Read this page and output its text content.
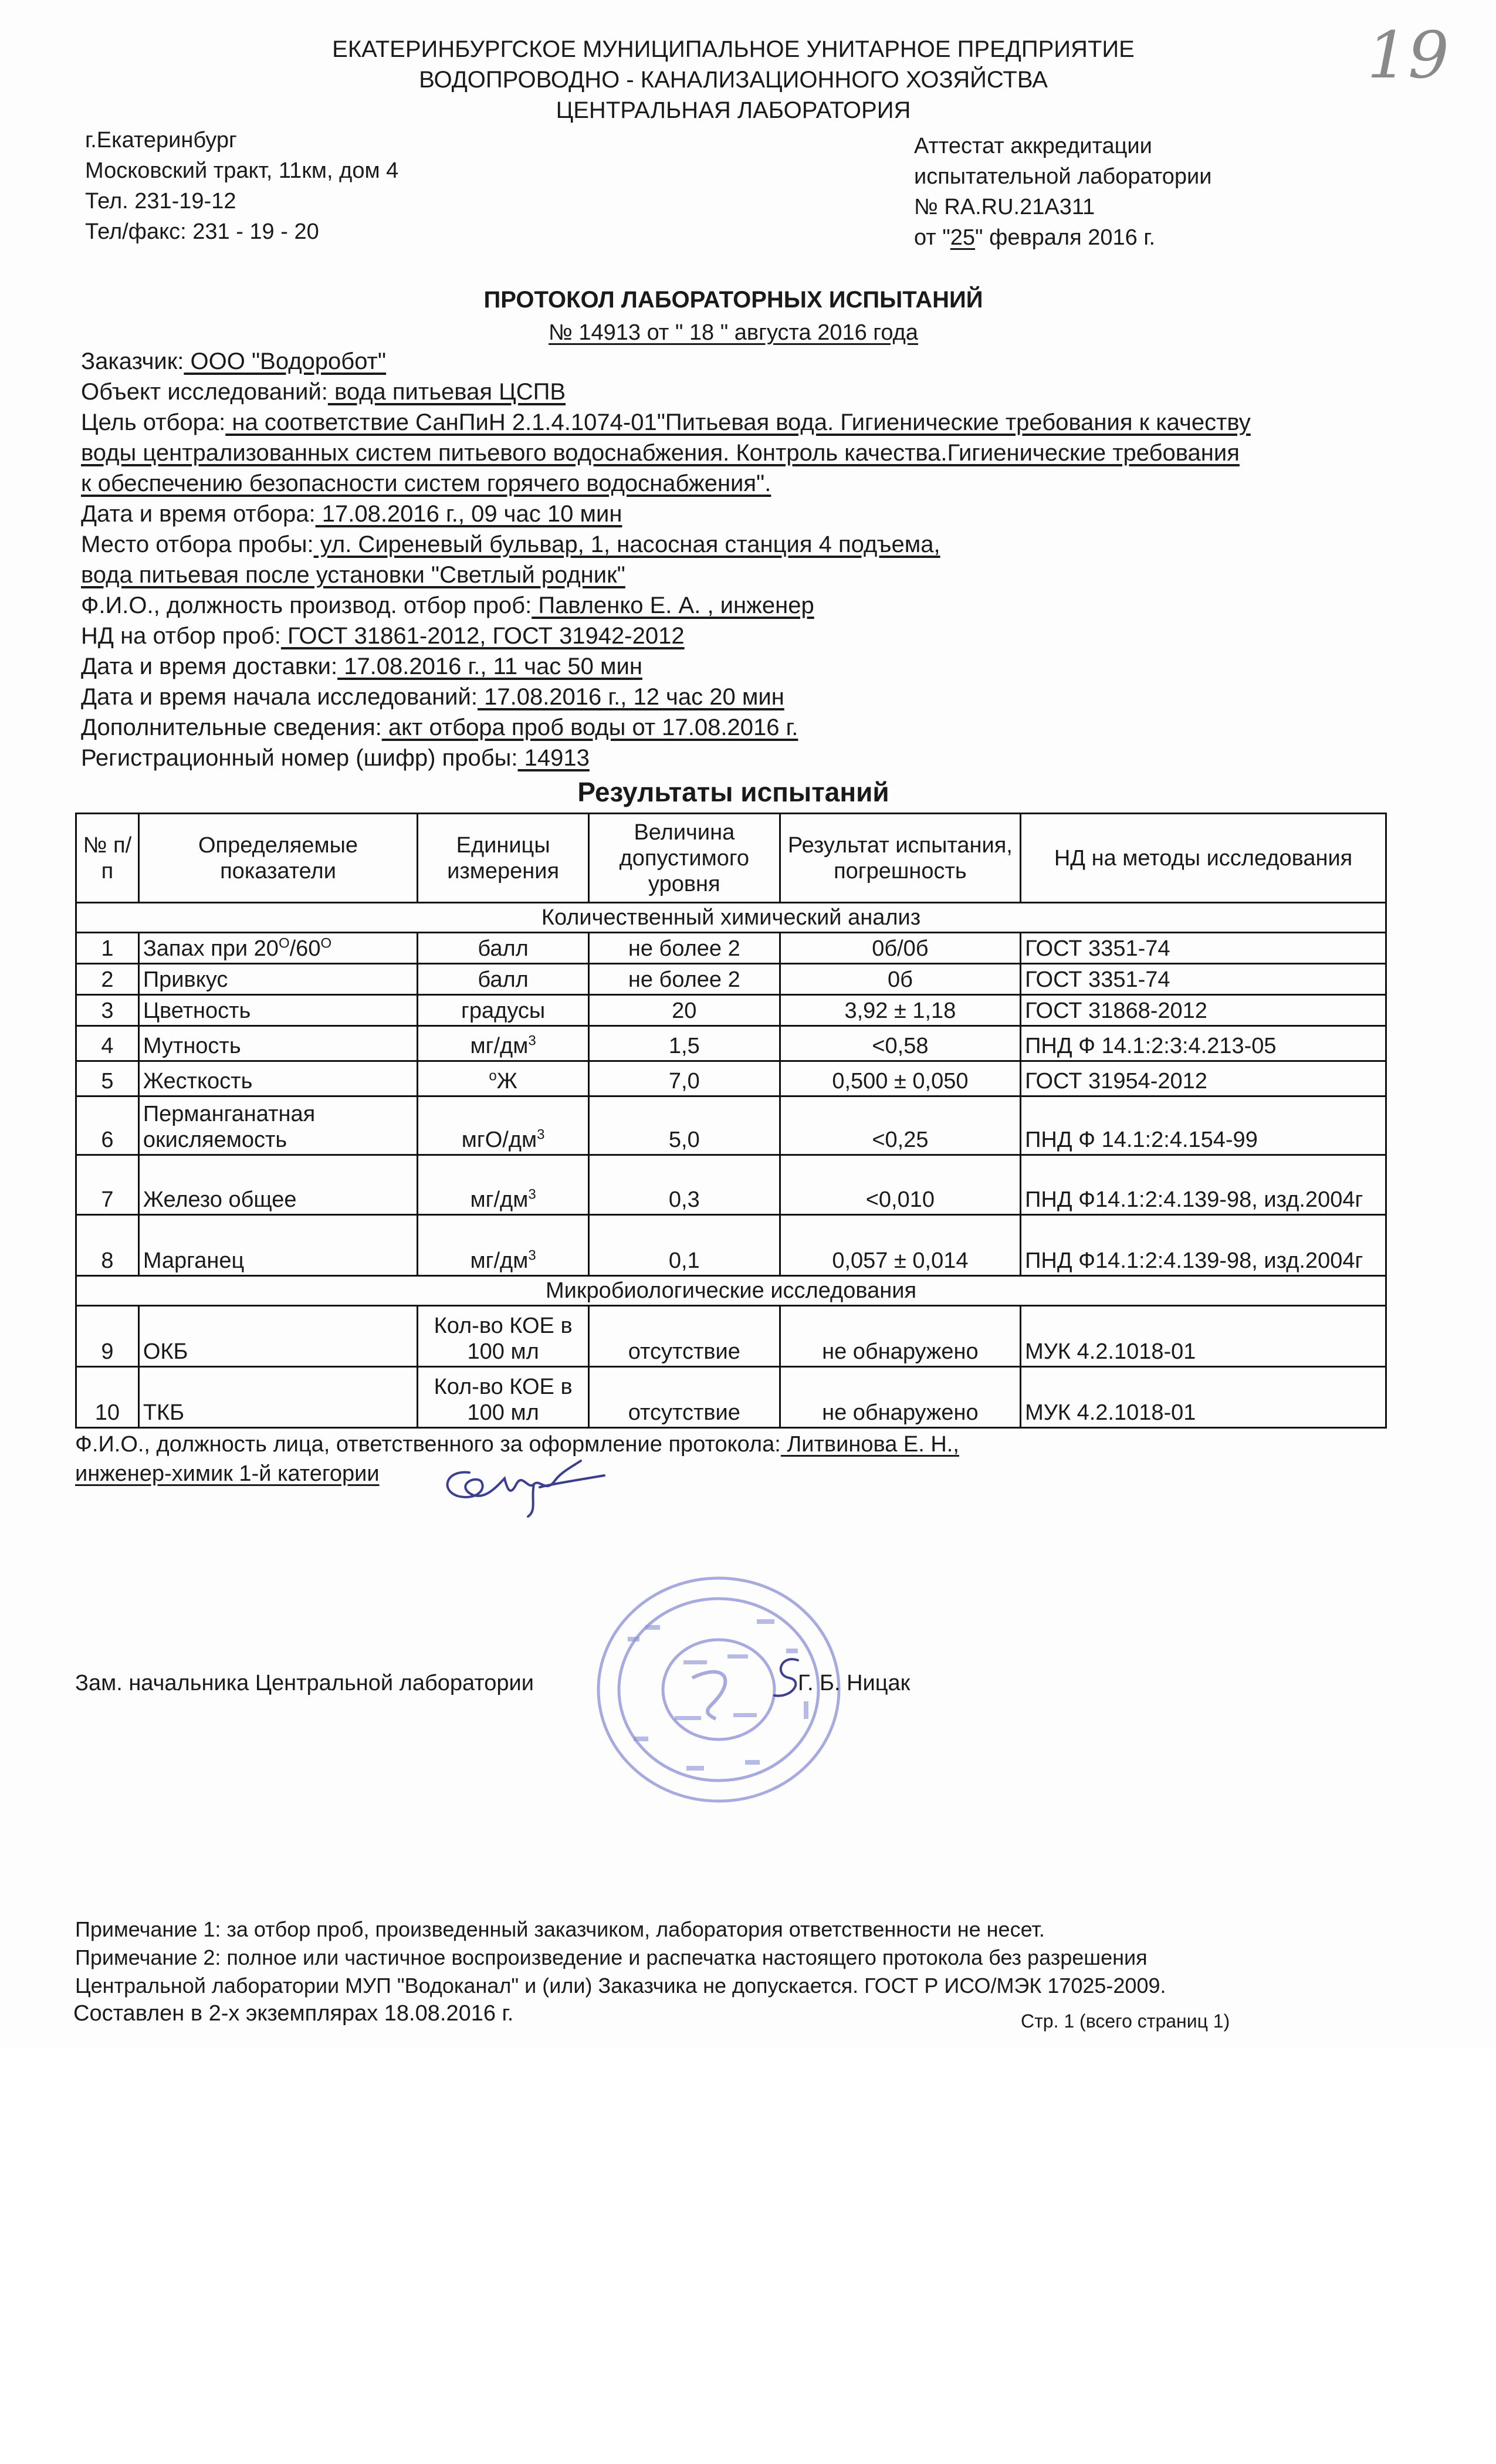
19
ЕКАТЕРИНБУРГСКОЕ МУНИЦИПАЛЬНОЕ УНИТАРНОЕ ПРЕДПРИЯТИЕ
ВОДОПРОВОДНО - КАНАЛИЗАЦИОННОГО ХОЗЯЙСТВА
ЦЕНТРАЛЬНАЯ ЛАБОРАТОРИЯ
г.Екатеринбург
Московский тракт, 11км, дом 4
Тел. 231-19-12
Тел/факс: 231 - 19 - 20
Аттестат аккредитации
испытательной лаборатории
№ RA.RU.21А311
от "25" февраля 2016 г.
ПРОТОКОЛ ЛАБОРАТОРНЫХ ИСПЫТАНИЙ
№ 14913 от " 18 " августа 2016 года
Заказчик: ООО "Водоробот"
Объект исследований: вода питьевая ЦСПВ
Цель отбора: на соответствие СанПиН 2.1.4.1074-01"Питьевая вода. Гигиенические требования к качеству
воды централизованных систем питьевого водоснабжения. Контроль качества.Гигиенические требования
к обеспечению безопасности систем горячего водоснабжения".
Дата и время отбора: 17.08.2016 г., 09 час 10 мин
Место отбора пробы: ул. Сиреневый бульвар, 1, насосная станция 4 подъема,
вода питьевая после установки "Светлый родник"
Ф.И.О., должность производ. отбор проб: Павленко Е. А. , инженер
НД на отбор проб: ГОСТ 31861-2012, ГОСТ 31942-2012
Дата и время доставки: 17.08.2016 г., 11 час 50 мин
Дата и время начала исследований: 17.08.2016 г., 12 час 20 мин
Дополнительные сведения: акт отбора проб воды от 17.08.2016 г.
Регистрационный номер (шифр) пробы: 14913
Результаты испытаний
№ п/п	Определяемые показатели	Единицы измерения	Величина допустимого уровня	Результат испытания, погрешность	НД на методы исследования
Количественный химический анализ					
1	Запах при $20^О/60^О$	балл	не более 2	0б/0б	ГОСТ 3351-74
2	Привкус	балл	не более 2	0б	ГОСТ 3351-74
3	Цветность	градусы	20	3,92 ± 1,18	ГОСТ 31868-2012
4	Мутность	$мг/дм^3$	1,5	<0,58	ПНД Ф 14.1:2:3:4.213-05
5	Жесткость	$^о$Ж	7,0	0,500 ± 0,050	ГОСТ 31954-2012
6	Перманганатная окисляемость	мгО/$дм^3$	5,0	<0,25	ПНД Ф 14.1:2:4.154-99
7	Железо общее	$мг/дм^3$	0,3	<0,010	ПНД Ф14.1:2:4.139-98, изд.2004г
8	Марганец	$мг/дм^3$	0,1	0,057 ± 0,014	ПНД Ф14.1:2:4.139-98, изд.2004г
Микробиологические исследования					
9	ОКБ	Кол-во КОЕ в 100 мл	отсутствие	не обнаружено	МУК 4.2.1018-01
10	ТКБ	Кол-во КОЕ в 100 мл	отсутствие	не обнаружено	МУК 4.2.1018-01
Ф.И.О., должность лица, ответственного за оформление протокола: Литвинова Е. Н.,
инженер-химик 1-й категории
Зам. начальника Центральной лаборатории	Г. Б. Ницак
Примечание 1: за отбор проб, произведенный заказчиком, лаборатория ответственности не несет.
Примечание 2: полное или частичное воспроизведение и распечатка настоящего протокола без разрешения
Центральной лаборатории МУП "Водоканал" и (или) Заказчика не допускается. ГОСТ Р ИСО/МЭК 17025-2009.
Составлен в 2-х экземплярах 18.08.2016 г.	Стр. 1 (всего страниц 1)
